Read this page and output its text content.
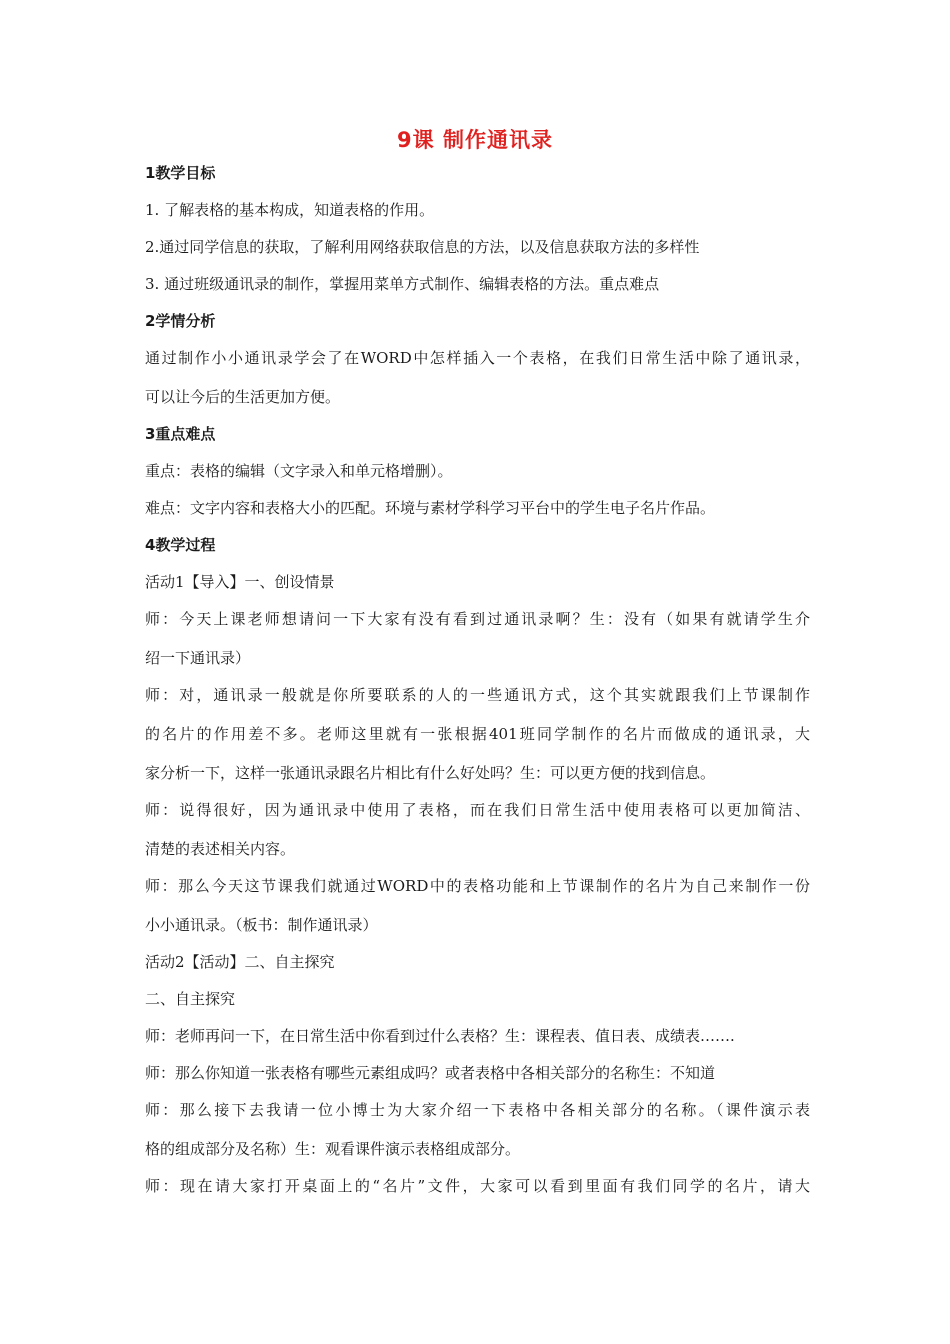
9课 制作通讯录
1教学目标
1. 了解表格的基本构成，知道表格的作用。
2.通过同学信息的获取，了解利用网络获取信息的方法，以及信息获取方法的多样性
3. 通过班级通讯录的制作，掌握用菜单方式制作、编辑表格的方法。重点难点
2学情分析
通过制作小小通讯录学会了在WORD中怎样插入一个表格，在我们日常生活中除了通讯录，
可以让今后的生活更加方便。
3重点难点
重点：表格的编辑（文字录入和单元格增删）。
难点：文字内容和表格大小的匹配。环境与素材学科学习平台中的学生电子名片作品。
4教学过程
活动1【导入】一、创设情景
师：今天上课老师想请问一下大家有没有看到过通讯录啊？生：没有（如果有就请学生介
绍一下通讯录）
师：对，通讯录一般就是你所要联系的人的一些通讯方式，这个其实就跟我们上节课制作
的名片的作用差不多。老师这里就有一张根据401班同学制作的名片而做成的通讯录，大
家分析一下，这样一张通讯录跟名片相比有什么好处吗？生：可以更方便的找到信息。
师：说得很好，因为通讯录中使用了表格，而在我们日常生活中使用表格可以更加简洁、
清楚的表述相关内容。
师：那么今天这节课我们就通过WORD中的表格功能和上节课制作的名片为自己来制作一份
小小通讯录。（板书：制作通讯录）
活动2【活动】二、自主探究
二、自主探究
师：老师再问一下，在日常生活中你看到过什么表格？生：课程表、值日表、成绩表…….
师：那么你知道一张表格有哪些元素组成吗？或者表格中各相关部分的名称生：不知道
师：那么接下去我请一位小博士为大家介绍一下表格中各相关部分的名称。（课件演示表
格的组成部分及名称）生：观看课件演示表格组成部分。
师：现在请大家打开桌面上的“名片”文件，大家可以看到里面有我们同学的名片，请大
